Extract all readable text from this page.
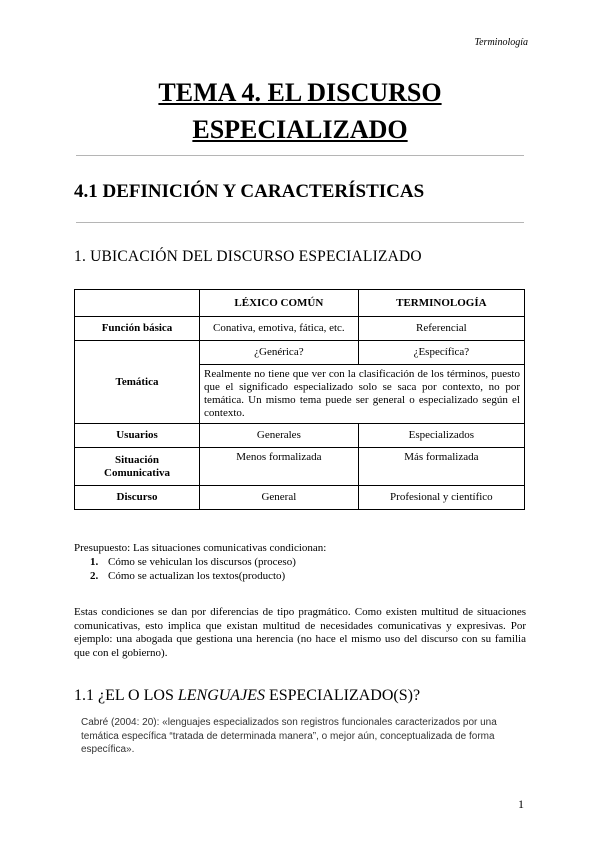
Terminología
TEMA 4. EL DISCURSO
ESPECIALIZADO
4.1 DEFINICIÓN Y CARACTERÍSTICAS
1. UBICACIÓN DEL DISCURSO ESPECIALIZADO
	LÉXICO COMÚN	TERMINOLOGÍA
Función básica	Conativa, emotiva, fática, etc.	Referencial
Temática	¿Genérica?	¿Específica?
	Realmente no tiene que ver con la clasificación de los términos, puesto que el significado especializado solo se saca por contexto, no por temática. Un mismo tema puede ser general o especializado según el contexto.	
Usuarios	Generales	Especializados

Situación
Comunicativa	Menos formalizada	Más formalizada
Discurso	General	Profesional y científico
Presupuesto: Las situaciones comunicativas condicionan:
1. Cómo se vehiculan los discursos (proceso)
2. Cómo se actualizan los textos(producto)
Estas condiciones se dan por diferencias de tipo pragmático. Como existen multitud de situaciones comunicativas, esto implica que existan multitud de necesidades comunicativas y expresivas. Por ejemplo: una abogada que gestiona una herencia (no hace el mismo uso del discurso con su familia que con el gobierno).
1.1 ¿EL O LOS LENGUAJES ESPECIALIZADO(S)?
Cabré (2004: 20): «lenguajes especializados son registros funcionales caracterizados por una temática específica “tratada de determinada manera”, o mejor aún, conceptualizada de forma específica».
1
